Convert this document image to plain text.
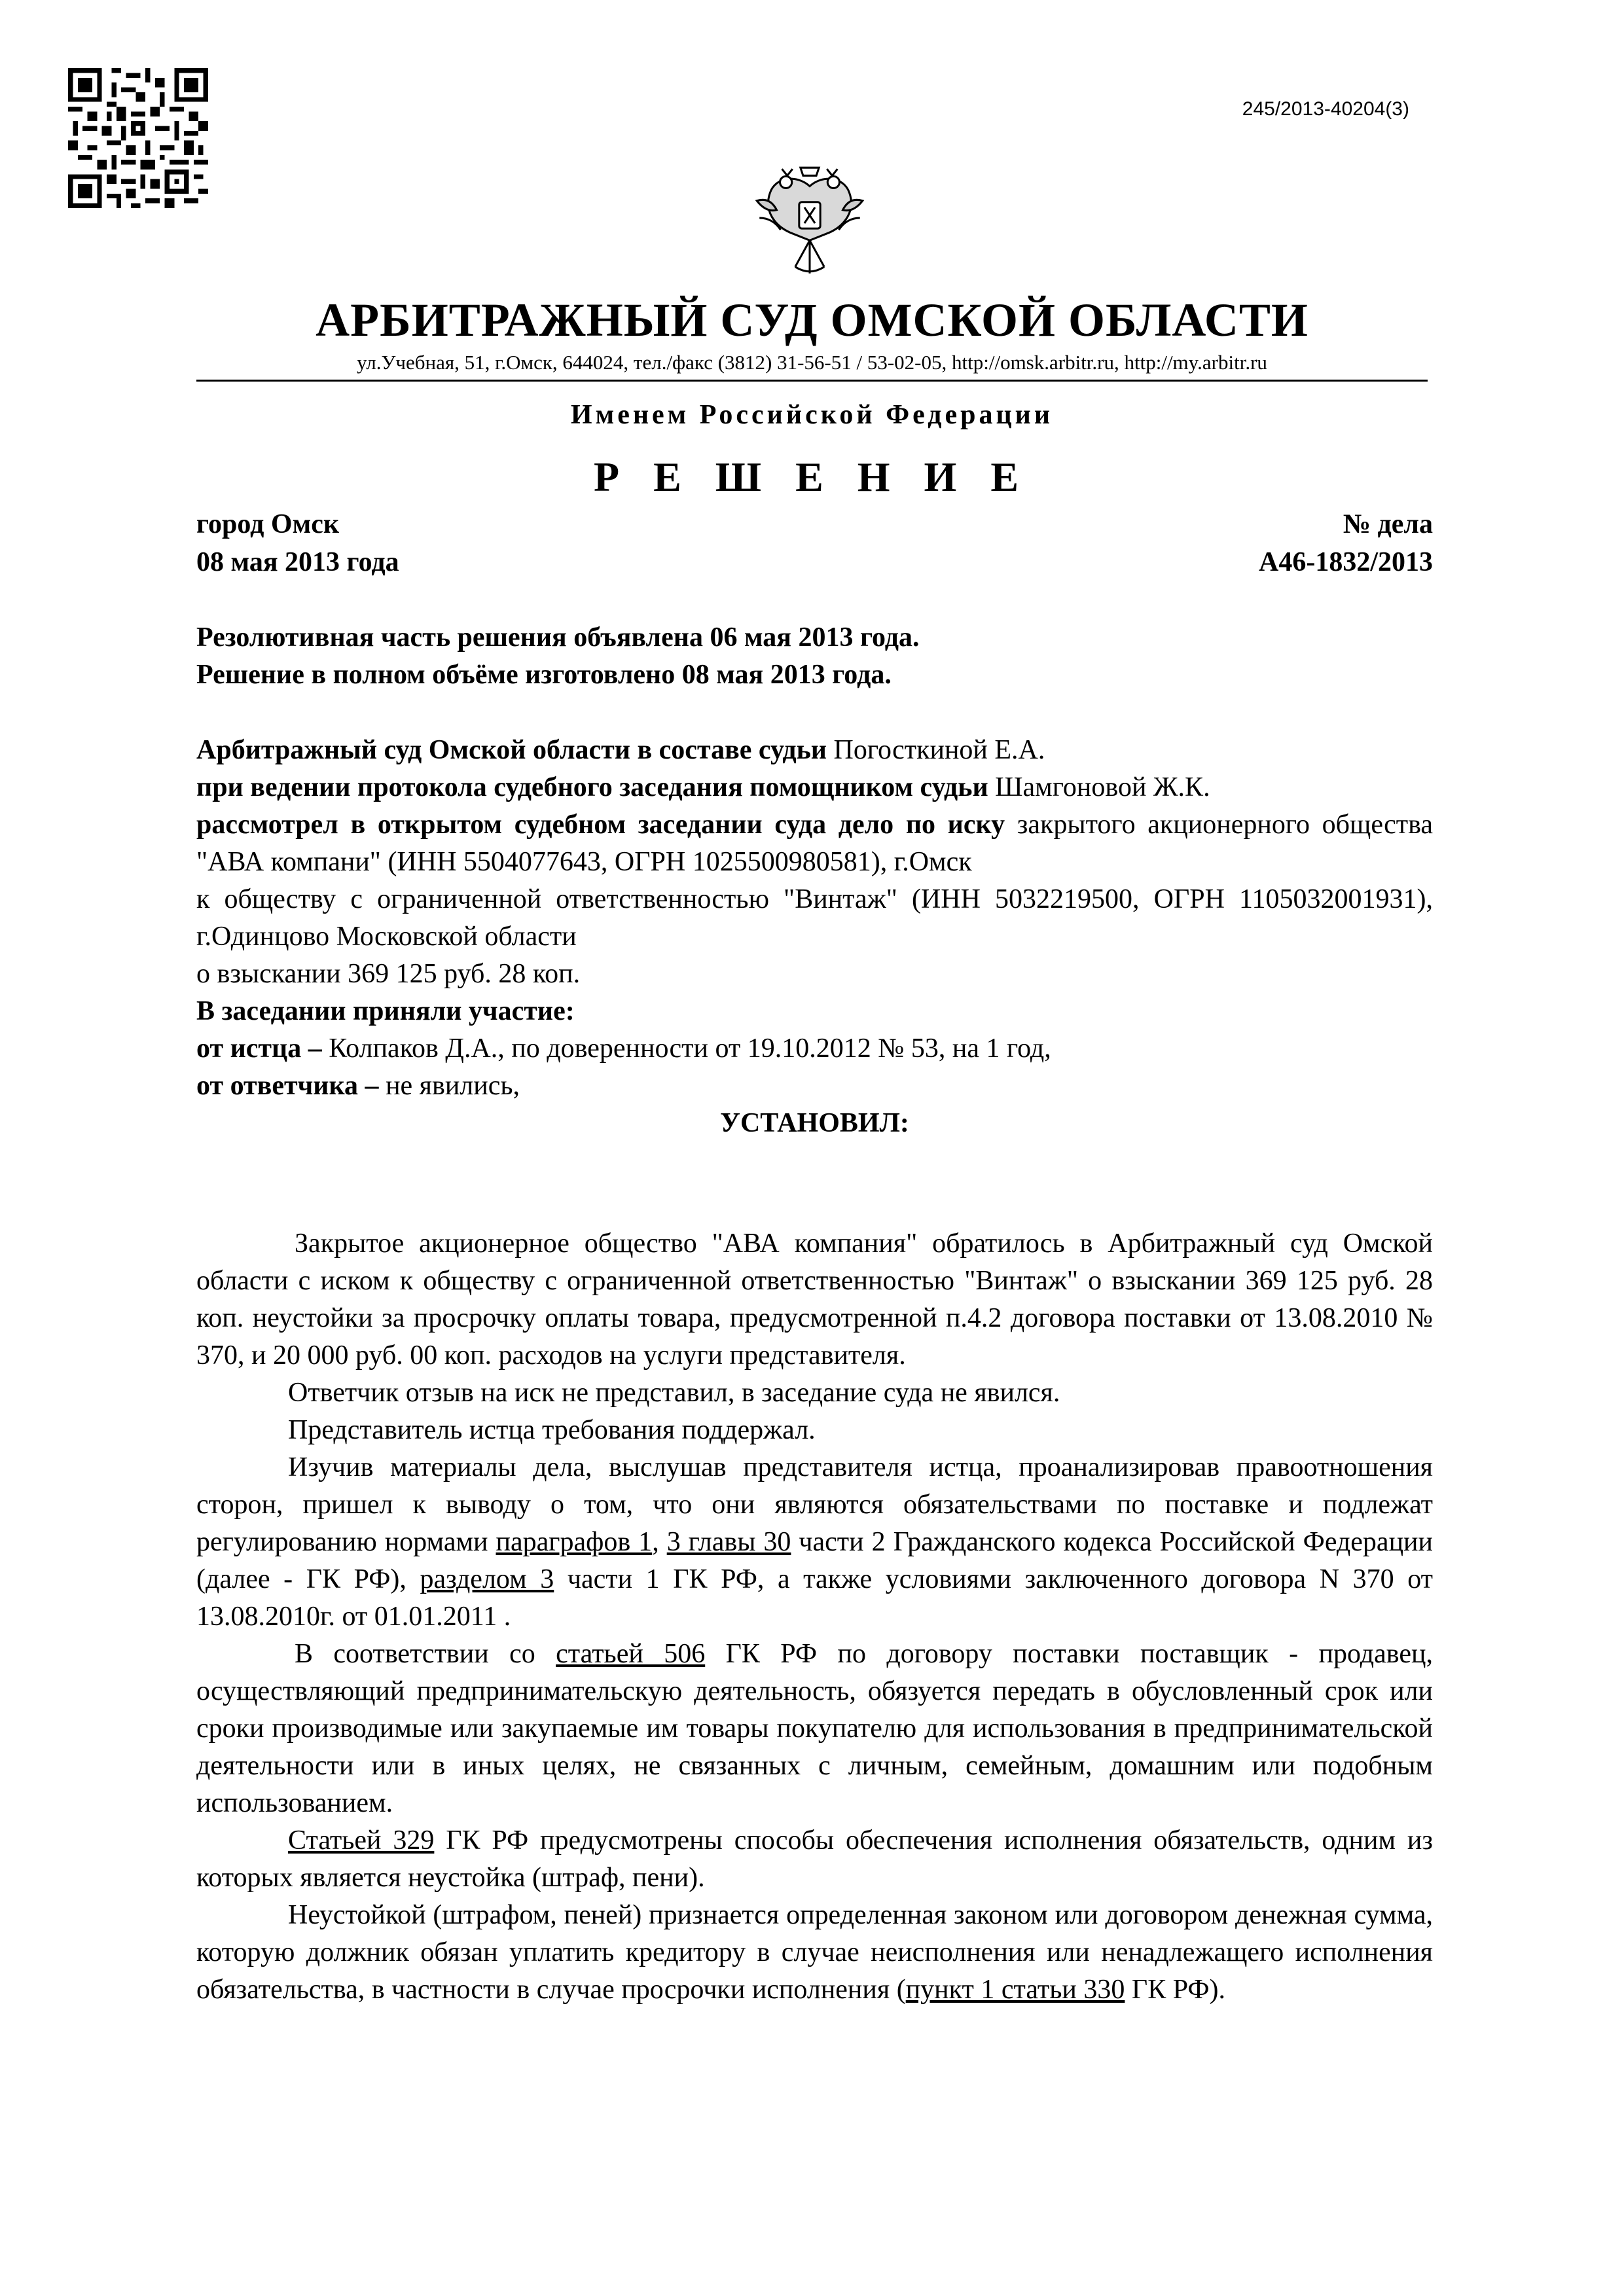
245/2013-40204(3)
АРБИТРАЖНЫЙ СУД ОМСКОЙ ОБЛАСТИ
ул.Учебная, 51, г.Омск, 644024, тел./факс (3812) 31-56-51 / 53-02-05, http://omsk.arbitr.ru, http://my.arbitr.ru
Именем Российской Федерации
Р Е Ш Е Н И Е
город Омск
08 мая 2013 года
№ дела
А46-1832/2013

Резолютивная часть решения объявлена 06 мая 2013 года.

Решение в полном объёме изготовлено 08 мая 2013 года.

Арбитражный суд Омской области в составе судьи Погосткиной Е.А.

при ведении протокола судебного заседания помощником судьи Шамгоновой Ж.К.

рассмотрел в открытом судебном заседании суда дело по иску закрытого акционерного общества "АВА компани" (ИНН 5504077643, ОГРН 1025500980581), г.Омск

к обществу с ограниченной ответственностью "Винтаж" (ИНН 5032219500, ОГРН 1105032001931), г.Одинцово Московской области

о взыскании 369 125 руб. 28 коп.

В заседании приняли участие:

от истца – Колпаков Д.А., по доверенности от 19.10.2012 № 53, на 1 год,

от ответчика – не явились,

УСТАНОВИЛ:

Закрытое акционерное общество "АВА компания" обратилось в Арбитражный суд Омской области с иском к обществу с ограниченной ответственностью "Винтаж" о взыскании 369 125 руб. 28 коп. неустойки за просрочку оплаты товара, предусмотренной п.4.2 договора поставки от 13.08.2010 № 370, и 20 000 руб. 00 коп. расходов на услуги представителя.

Ответчик отзыв на иск не представил, в заседание суда не явился.

Представитель истца требования поддержал.

Изучив материалы дела, выслушав представителя истца, проанализировав правоотношения сторон, пришел к выводу о том, что они являются обязательствами по поставке и подлежат регулированию нормами параграфов 1, 3 главы 30 части 2 Гражданского кодекса Российской Федерации (далее - ГК РФ), разделом 3 части 1 ГК РФ, а также условиями заключенного договора N 370 от 13.08.2010г. от 01.01.2011 .

В соответствии со статьей 506 ГК РФ по договору поставки поставщик - продавец, осуществляющий предпринимательскую деятельность, обязуется передать в обусловленный срок или сроки производимые или закупаемые им товары покупателю для использования в предпринимательской деятельности или в иных целях, не связанных с личным, семейным, домашним или подобным использованием.

Статьей 329 ГК РФ предусмотрены способы обеспечения исполнения обязательств, одним из которых является неустойка (штраф, пени).

Неустойкой (штрафом, пеней) признается определенная законом или договором денежная сумма, которую должник обязан уплатить кредитору в случае неисполнения или ненадлежащего исполнения обязательства, в частности в случае просрочки исполнения (пункт 1 статьи 330 ГК РФ).
